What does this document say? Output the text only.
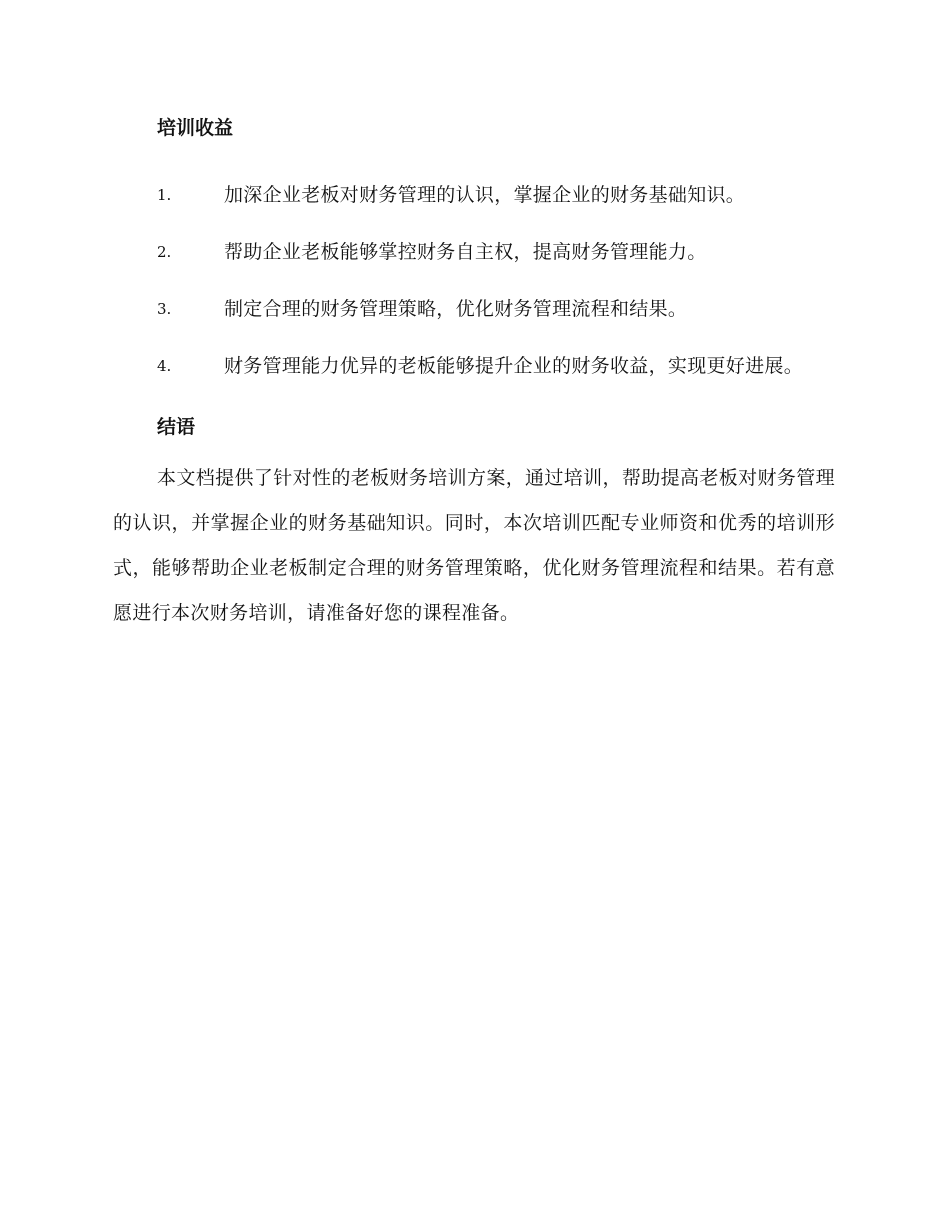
培训收益

1.	加深企业老板对财务管理的认识，掌握企业的财务基础知识。

2.	帮助企业老板能够掌控财务自主权，提高财务管理能力。

3.	制定合理的财务管理策略，优化财务管理流程和结果。

4.	财务管理能力优异的老板能够提升企业的财务收益，实现更好进展。

结语

本文档提供了针对性的老板财务培训方案，通过培训，帮助提高老板对财务管理的认识，并掌握企业的财务基础知识。同时，本次培训匹配专业师资和优秀的培训形式，能够帮助企业老板制定合理的财务管理策略，优化财务管理流程和结果。若有意愿进行本次财务培训，请准备好您的课程准备。
